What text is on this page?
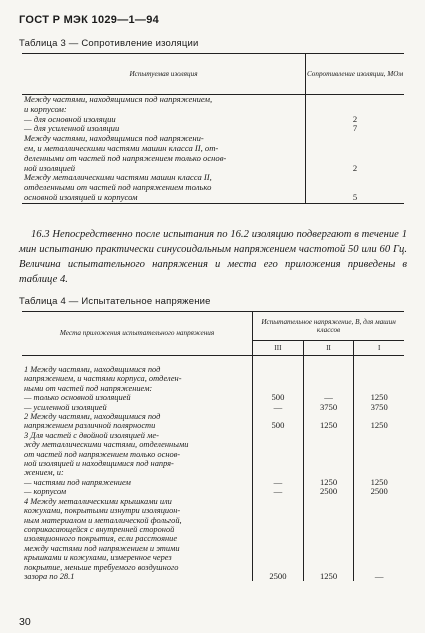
ГОСТ Р МЭК 1029—1—94
Таблица 3 — Сопротивление изоляции
Испытуемая изоляция	Сопротивление изоляции, МОм
Между частями, находящимися под напряжением,	
и корпусом:	
— для основной изоляции	2
— для усиленной изоляции	7
Между частями, находящимися под напряжени-	
ем, и металлическими частями машин класса II, от-	
деленными от частей под напряжением только основ-	
ной изоляцией	2
Между металлическими частями машин класса II,	
отделенными от частей под напряжением только	
основной изоляцией и корпусом	5
16.3 Непосредственно после испытания по 16.2 изоляцию подвергают в течение 1 мин испытанию практически синусоидальным напряжением частотой 50 или 60 Гц. Величина испытательного напряжения и места его приложения приведены в таблице 4.
Таблица 4 — Испытательное напряжение
Места приложения испытательного напряжения	Испытательное напряжение, В, для машин классов		
	III	II	I

1 Между частями, находящимися под			
напряжением, и частями корпуса, отделен-			
ными от частей под напряжением:			
— только основной изоляцией	500	—	1250
— усиленной изоляцией	—	3750	3750
2 Между частями, находящимися под			
напряжением различной полярности	500	1250	1250
3 Для частей с двойной изоляцией ме-			
жду металлическими частями, отделенными			
от частей под напряжением только основ-			
ной изоляцией и находящимися под напря-			
жением, и:			
— частями под напряжением	—	1250	1250
— корпусом	—	2500	2500
4 Между металлическими крышками или			
кожухами, покрытыми изнутри изоляцион-			
ным материалом и металлической фольгой,			
соприкасающейся с внутренней стороной			
изоляционного покрытия, если расстояние			
между частями под напряжением и этими			
крышками и кожухами, измеренное через			
покрытие, меньше требуемого воздушного			
зазора по 28.1	2500	1250	—
30
